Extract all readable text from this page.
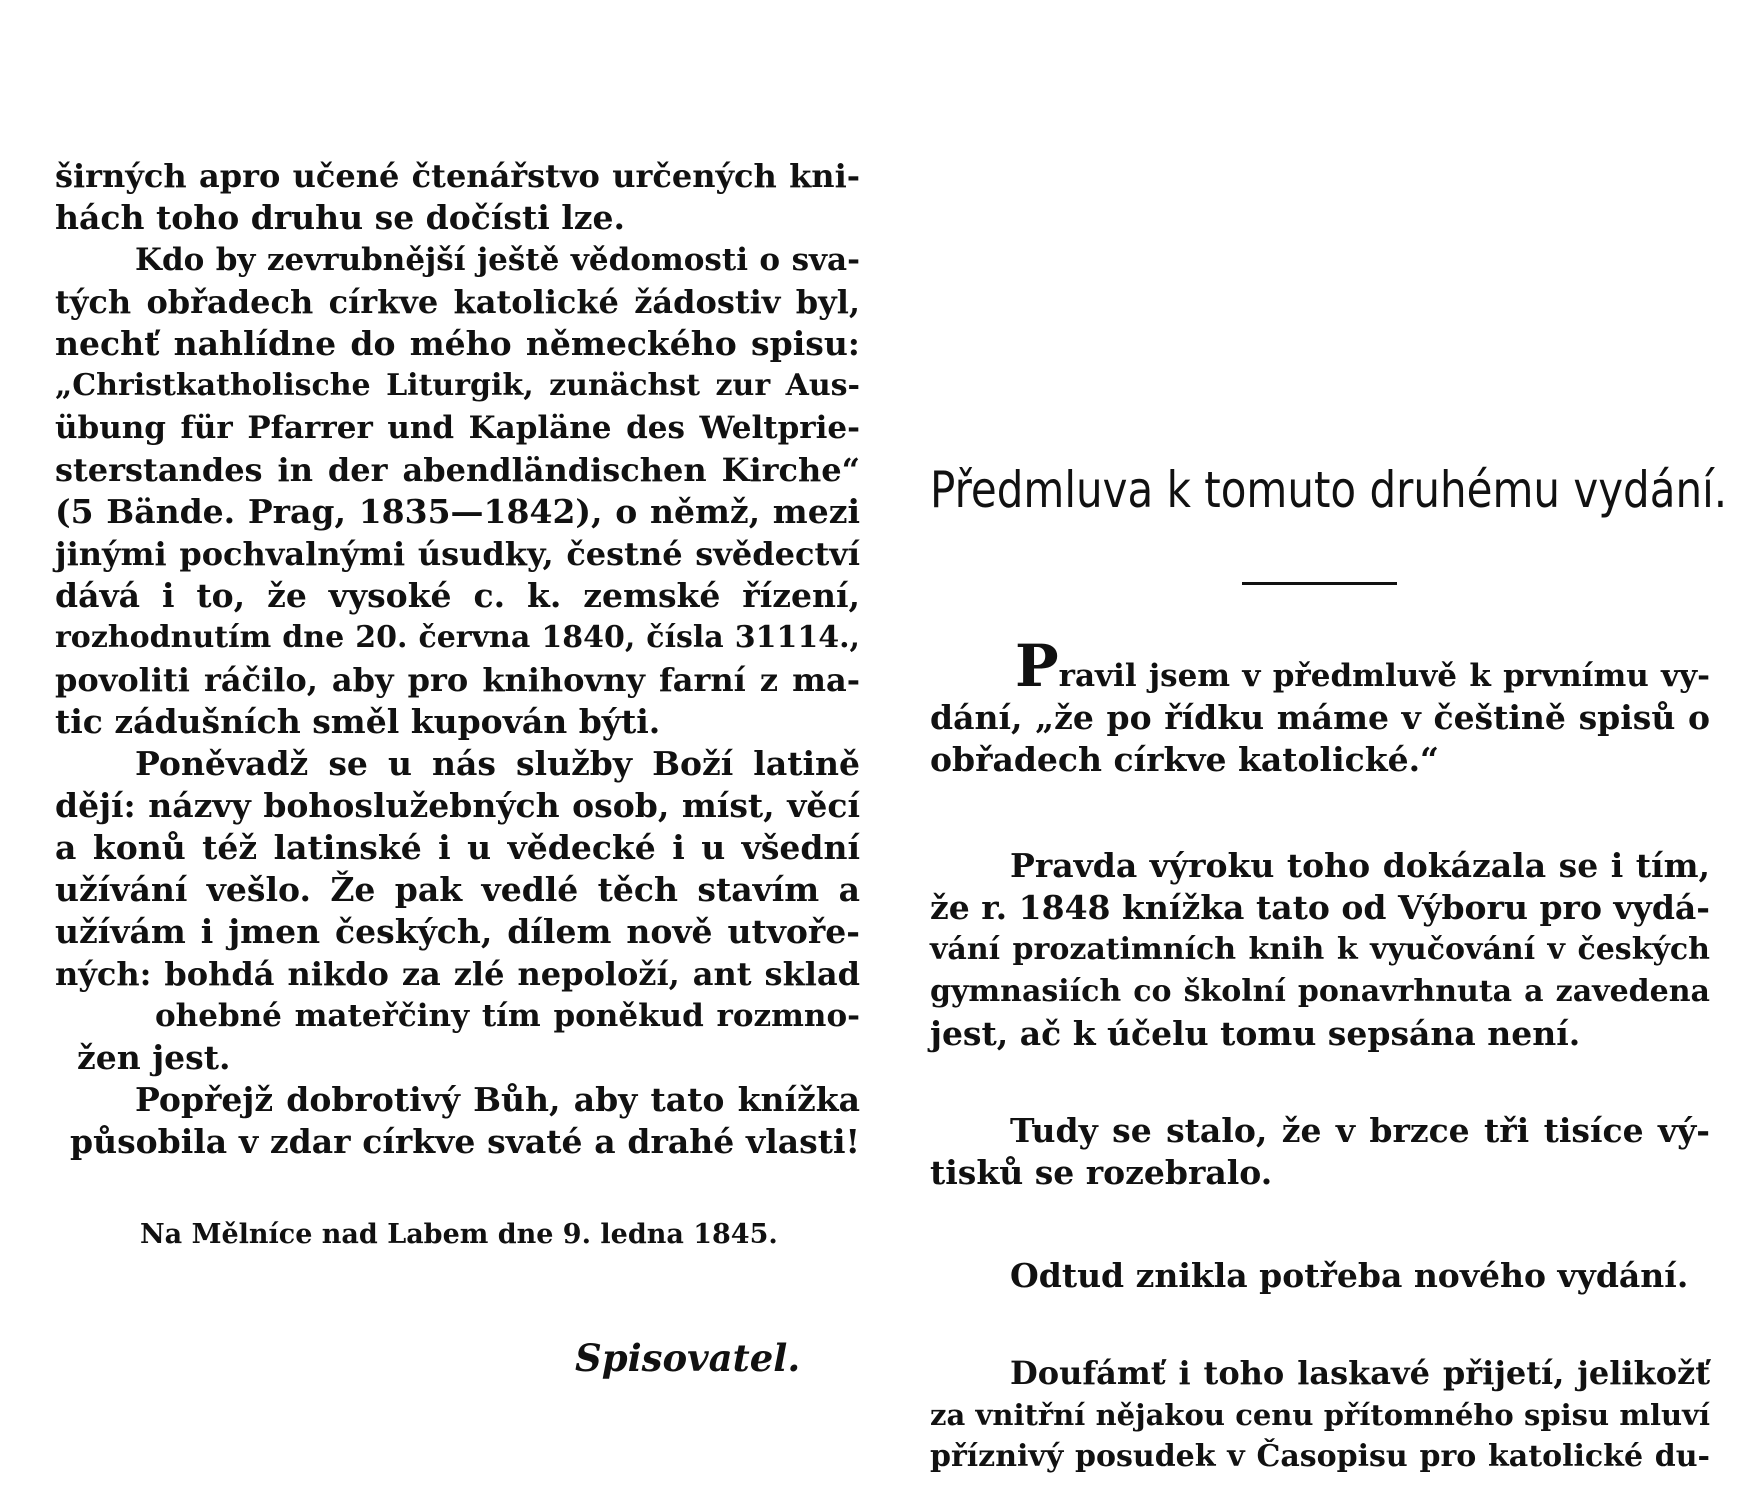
širných apro učené čtenářstvo určených kni-
hách toho druhu se dočísti lze.
Kdo by zevrubnější ještě vědomosti o sva-
tých obřadech církve katolické žádostiv byl,
nechť nahlídne do mého německého spisu:
„Christkatholische Liturgik, zunächst zur Aus-
übung für Pfarrer und Kapläne des Weltprie-
sterstandes in der abendländischen Kirche“
(5 Bände. Prag, 1835—1842), o němž, mezi
jinými pochvalnými úsudky, čestné svědectví
dává i to, že vysoké c. k. zemské řízení,
rozhodnutím dne 20. června 1840, čísla 31114.,
povoliti ráčilo, aby pro knihovny farní z ma-
tic zádušních směl kupován býti.
Poněvadž se u nás služby Boží latině
dějí: názvy bohoslužebných osob, míst, věcí
a konů též latinské i u vědecké i u všední
užívání vešlo. Že pak vedlé těch stavím a
užívám i jmen českých, dílem nově utvoře-
ných: bohdá nikdo za zlé nepoloží, ant sklad
ohebné mateřčiny tím poněkud rozmno-
žen jest.
Popřejž dobrotivý Bůh, aby tato knížka
působila v zdar církve svaté a drahé vlasti!
Na Mělníce nad Labem dne 9. ledna 1845.
Spisovatel.
Předmluva k tomuto druhému vydání.
Pravil jsem v předmluvě k prvnímu vy-
dání, „že po řídku máme v češtině spisů o
obřadech církve katolické.“
Pravda výroku toho dokázala se i tím,
že r. 1848 knížka tato od Výboru pro vydá-
vání prozatimních knih k vyučování v českých
gymnasiích co školní ponavrhnuta a zavedena
jest, ač k účelu tomu sepsána není.
Tudy se stalo, že v brzce tři tisíce vý-
tisků se rozebralo.
Odtud znikla potřeba nového vydání.
Doufámť i toho laskavé přijetí, jelikožť
za vnitřní nějakou cenu přítomného spisu mluví
příznivý posudek v Časopisu pro katolické du-
